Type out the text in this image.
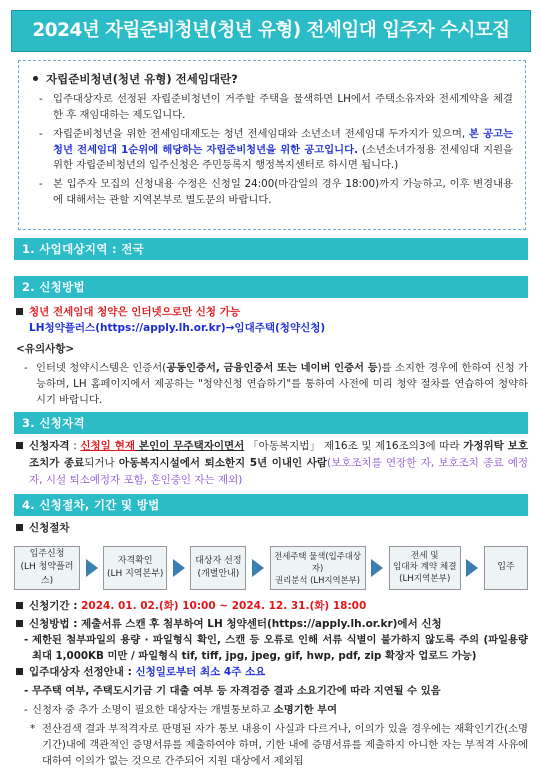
2024년 자립준비청년(청년 유형) 전세임대 입주자 수시모집
자립준비청년(청년 유형) 전세임대란?
- 입주대상자로 선정된 자립준비청년이 거주할 주택을 물색하면 LH에서 주택소유자와 전세계약을 체결한 후 재임대하는 제도입니다.
- 자립준비청년을 위한 전세임대제도는 청년 전세임대와 소년소녀 전세임대 두가지가 있으며, 본 공고는 청년 전세임대 1순위에 해당하는 자립준비청년을 위한 공고입니다. (소년소녀가정용 전세임대 지원을 위한 자립준비청년의 입주신청은 주민등록지 행정복지센터로 하시면 됩니다.)
- 본 입주자 모집의 신청내용 수정은 신청일 24:00(마감일의 경우 18:00)까지 가능하고, 이후 변경내용에 대해서는 관할 지역본부로 별도문의 바랍니다.
1. 사업대상지역 : 전국
2. 신청방법

청년 전세임대 청약은 인터넷으로만 신청 가능

LH청약플러스(https://apply.lh.or.kr)→임대주택(청약신청)

<유의사항>

- 인터넷 청약시스템은 인증서(공동인증서, 금융인증서 또는 네이버 인증서 등)를 소지한 경우에 한하여 신청 가능하며, LH 홈페이지에서 제공하는 "청약신청 연습하기"를 통하여 사전에 미리 청약 절차를 연습하여 청약하시기 바랍니다.
3. 신청자격

신청자격 : 신청일 현재 본인이 무주택자이면서 「아동복지법」 제16조 및 제16조의3에 따라 가정위탁 보호조치가 종료되거나 아동복지시설에서 퇴소한지 5년 이내인 사람(보호조치를 연장한 자, 보호조치 종료 예정자, 시설 퇴소예정자 포함, 혼인중인 자는 제외)

4. 신청절차, 기간 및 방법

신청절차

입주신청
(LH 청약플러스)
자격확인
(LH 지역본부)
대상자 선정
(개별안내)
전세주택 물색(입주대상자)
권리분석 (LH지역본부)
전세 및
임대차 계약 체결
(LH지역본부)
입주

신청기간 : 2024. 01. 02.(화) 10:00 ~ 2024. 12. 31.(화) 18:00

신청방법 : 제출서류 스캔 후 첨부하여 LH 청약센터(https://apply.lh.or.kr)에서 신청

- 제한된 첨부파일의 용량 · 파일형식 확인, 스캔 등 오류로 인해 서류 식별이 불가하지 않도록 주의 (파일용량 최대 1,000KB 미만 / 파일형식 tif, tiff, jpg, jpeg, gif, hwp, pdf, zip 확장자 업로드 가능)

입주대상자 선정안내 : 신청일로부터 최소 4주 소요

- 무주택 여부, 주택도시기금 기 대출 여부 등 자격검증 결과 소요기간에 따라 지연될 수 있음
- 신청자 중 추가 소명이 필요한 대상자는 개별통보하고 소명기한 부여
* 전산검색 결과 부적격자로 판명된 자가 통보 내용이 사실과 다르거나, 이의가 있을 경우에는 재확인기간(소명기간)내에 객관적인 증명서류를 제출하여야 하며, 기한 내에 증명서류를 제출하지 아니한 자는 부적격 사유에 대하여 이의가 없는 것으로 간주되어 지원 대상에서 제외됨
